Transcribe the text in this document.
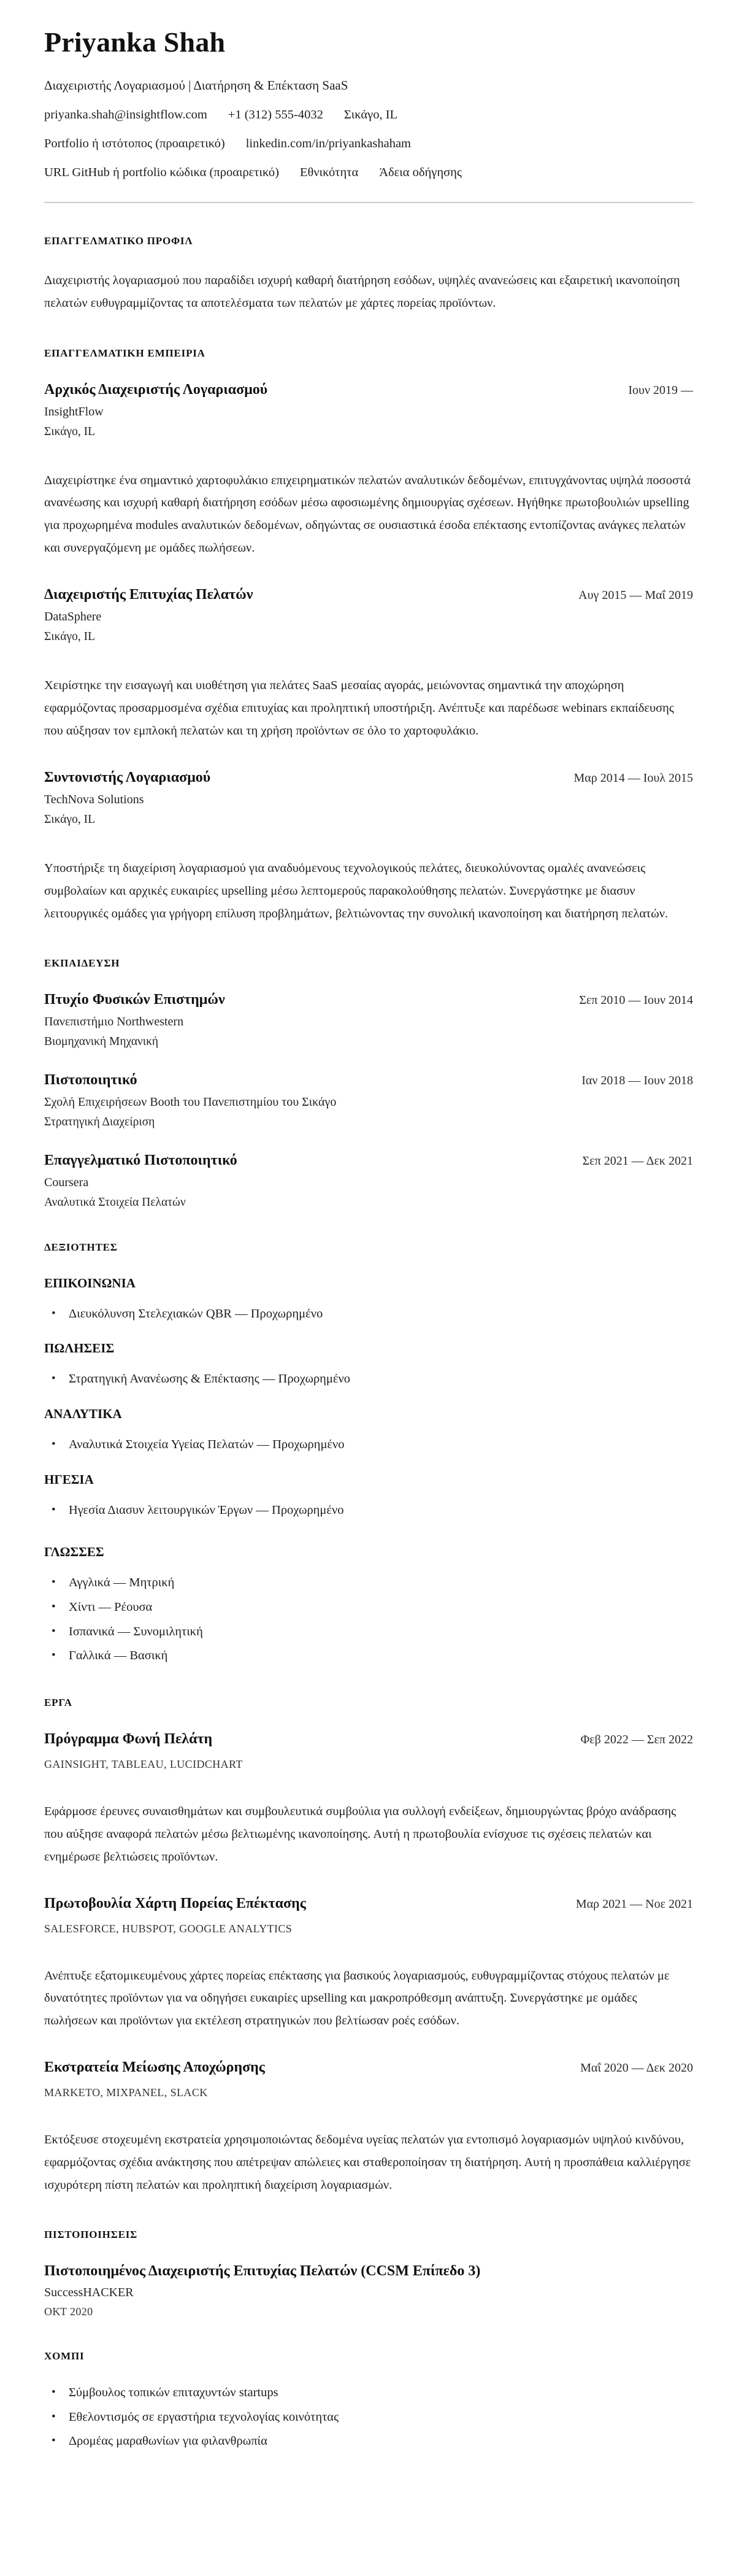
Priyanka Shah
Διαχειριστής Λογαριασμού | Διατήρηση & Επέκταση SaaS
priyanka.shah@insightflow.com +1 (312) 555-4032 Σικάγο, IL
Portfolio ή ιστότοπος (προαιρετικό) linkedin.com/in/priyankashaham
URL GitHub ή portfolio κώδικα (προαιρετικό) Εθνικότητα Άδεια οδήγησης
ΕΠΑΓΓΕΛΜΑΤΙΚΟ ΠΡΟΦΙΛ

Διαχειριστής λογαριασμού που παραδίδει ισχυρή καθαρή διατήρηση εσόδων, υψηλές ανανεώσεις και εξαιρετική ικανοποίηση πελατών ευθυγραμμίζοντας τα αποτελέσματα των πελατών με χάρτες πορείας προϊόντων.

ΕΠΑΓΓΕΛΜΑΤΙΚΗ ΕΜΠΕΙΡΙΑ
Αρχικός Διαχειριστής Λογαριασμού	Ιουν 2019 —
InsightFlow
Σικάγο, IL

Διαχειρίστηκε ένα σημαντικό χαρτοφυλάκιο επιχειρηματικών πελατών αναλυτικών δεδομένων, επιτυγχάνοντας υψηλά ποσοστά ανανέωσης και ισχυρή καθαρή διατήρηση εσόδων μέσω αφοσιωμένης δημιουργίας σχέσεων. Ηγήθηκε πρωτοβουλιών upselling για προχωρημένα modules αναλυτικών δεδομένων, οδηγώντας σε ουσιαστικά έσοδα επέκτασης εντοπίζοντας ανάγκες πελατών και συνεργαζόμενη με ομάδες πωλήσεων.

Διαχειριστής Επιτυχίας Πελατών	Αυγ 2015 — Μαΐ 2019
DataSphere
Σικάγο, IL

Χειρίστηκε την εισαγωγή και υιοθέτηση για πελάτες SaaS μεσαίας αγοράς, μειώνοντας σημαντικά την αποχώρηση εφαρμόζοντας προσαρμοσμένα σχέδια επιτυχίας και προληπτική υποστήριξη. Ανέπτυξε και παρέδωσε webinars εκπαίδευσης που αύξησαν τον εμπλοκή πελατών και τη χρήση προϊόντων σε όλο το χαρτοφυλάκιο.

Συντονιστής Λογαριασμού	Μαρ 2014 — Ιουλ 2015
TechNova Solutions
Σικάγο, IL

Υποστήριξε τη διαχείριση λογαριασμού για αναδυόμενους τεχνολογικούς πελάτες, διευκολύνοντας ομαλές ανανεώσεις συμβολαίων και αρχικές ευκαιρίες upselling μέσω λεπτομερούς παρακολούθησης πελατών. Συνεργάστηκε με διασυν λειτουργικές ομάδες για γρήγορη επίλυση προβλημάτων, βελτιώνοντας την συνολική ικανοποίηση και διατήρηση πελατών.

ΕΚΠΑΙΔΕΥΣΗ
Πτυχίο Φυσικών Επιστημών	Σεπ 2010 — Ιουν 2014
Πανεπιστήμιο Northwestern
Βιομηχανική Μηχανική
Πιστοποιητικό	Ιαν 2018 — Ιουν 2018
Σχολή Επιχειρήσεων Booth του Πανεπιστημίου του Σικάγο
Στρατηγική Διαχείριση
Επαγγελματικό Πιστοποιητικό	Σεπ 2021 — Δεκ 2021
Coursera
Αναλυτικά Στοιχεία Πελατών
ΔΕΞΙΟΤΗΤΕΣ
ΕΠΙΚΟΙΝΩΝΙΑ
• Διευκόλυνση Στελεχιακών QBR — Προχωρημένο
ΠΩΛΗΣΕΙΣ
• Στρατηγική Ανανέωσης & Επέκτασης — Προχωρημένο
ΑΝΑΛΥΤΙΚΑ
• Αναλυτικά Στοιχεία Υγείας Πελατών — Προχωρημένο
ΗΓΕΣΙΑ
• Ηγεσία Διασυν λειτουργικών Έργων — Προχωρημένο
ΓΛΩΣΣΕΣ
• Αγγλικά — Μητρική
• Χίντι — Ρέουσα
• Ισπανικά — Συνομιλητική
• Γαλλικά — Βασική
ΕΡΓΑ
Πρόγραμμα Φωνή Πελάτη	Φεβ 2022 — Σεπ 2022
GAINSIGHT, TABLEAU, LUCIDCHART

Εφάρμοσε έρευνες συναισθημάτων και συμβουλευτικά συμβούλια για συλλογή ενδείξεων, δημιουργώντας βρόχο ανάδρασης που αύξησε αναφορά πελατών μέσω βελτιωμένης ικανοποίησης. Αυτή η πρωτοβουλία ενίσχυσε τις σχέσεις πελατών και ενημέρωσε βελτιώσεις προϊόντων.

Πρωτοβουλία Χάρτη Πορείας Επέκτασης	Μαρ 2021 — Νοε 2021
SALESFORCE, HUBSPOT, GOOGLE ANALYTICS

Ανέπτυξε εξατομικευμένους χάρτες πορείας επέκτασης για βασικούς λογαριασμούς, ευθυγραμμίζοντας στόχους πελατών με δυνατότητες προϊόντων για να οδηγήσει ευκαιρίες upselling και μακροπρόθεσμη ανάπτυξη. Συνεργάστηκε με ομάδες πωλήσεων και προϊόντων για εκτέλεση στρατηγικών που βελτίωσαν ροές εσόδων.

Εκστρατεία Μείωσης Αποχώρησης	Μαΐ 2020 — Δεκ 2020
MARKETO, MIXPANEL, SLACK

Εκτόξευσε στοχευμένη εκστρατεία χρησιμοποιώντας δεδομένα υγείας πελατών για εντοπισμό λογαριασμών υψηλού κινδύνου, εφαρμόζοντας σχέδια ανάκτησης που απέτρεψαν απώλειες και σταθεροποίησαν τη διατήρηση. Αυτή η προσπάθεια καλλιέργησε ισχυρότερη πίστη πελατών και προληπτική διαχείριση λογαριασμών.

ΠΙΣΤΟΠΟΙΗΣΕΙΣ
Πιστοποιημένος Διαχειριστής Επιτυχίας Πελατών (CCSM Επίπεδο 3)
SuccessHACKER
ΟΚΤ 2020
ΧΟΜΠΙ
• Σύμβουλος τοπικών επιταχυντών startups
• Εθελοντισμός σε εργαστήρια τεχνολογίας κοινότητας
• Δρομέας μαραθωνίων για φιλανθρωπία
